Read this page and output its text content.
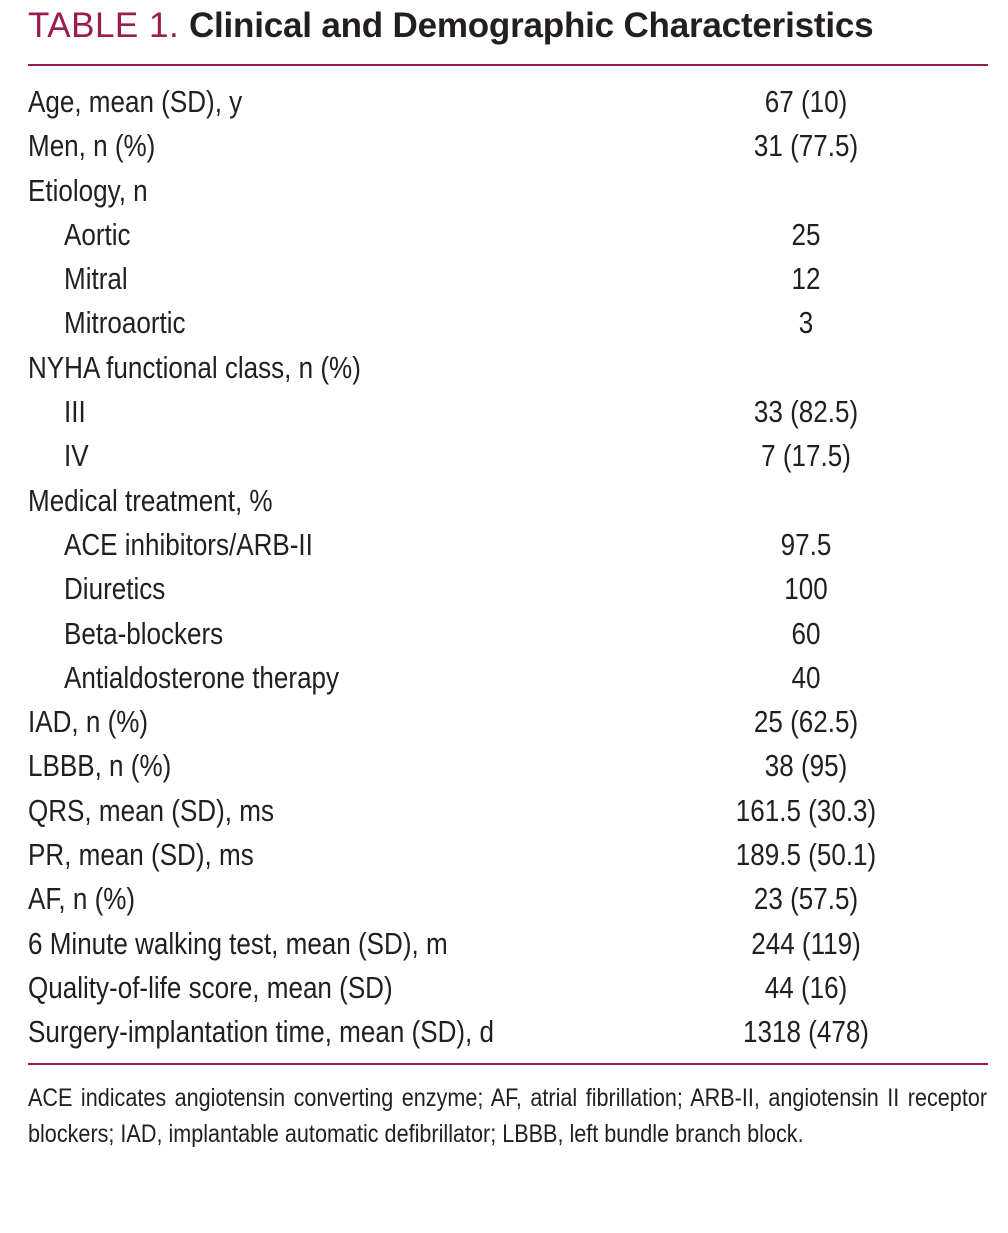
TABLE 1. Clinical and Demographic Characteristics
Age, mean (SD), y	67 (10)
Men, n (%)	31 (77.5)
Etiology, n
Aortic	25
Mitral	12
Mitroaortic	3
NYHA functional class, n (%)
III	33 (82.5)
IV	7 (17.5)
Medical treatment, %
ACE inhibitors/ARB-II	97.5
Diuretics	100
Beta-blockers	60
Antialdosterone therapy	40
IAD, n (%)	25 (62.5)
LBBB, n (%)	38 (95)
QRS, mean (SD), ms	161.5 (30.3)
PR, mean (SD), ms	189.5 (50.1)
AF, n (%)	23 (57.5)
6 Minute walking test, mean (SD), m	244 (119)
Quality-of-life score, mean (SD)	44 (16)
Surgery-implantation time, mean (SD), d	1318 (478)

ACE indicates angiotensin converting enzyme; AF, atrial fibrillation; ARB-II, angiotensin II receptor blockers; IAD, implantable automatic defibrillator; LBBB, left bundle branch block.
